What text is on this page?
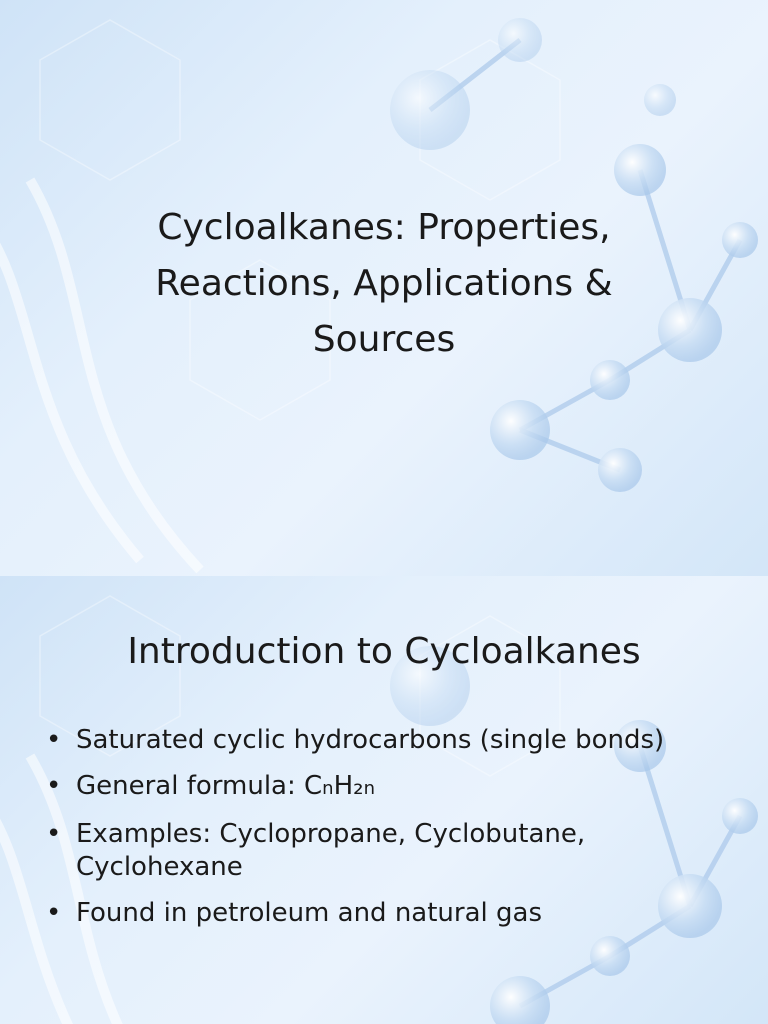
Cycloalkanes: Properties, Reactions, Applications & Sources
Introduction to Cycloalkanes
• Saturated cyclic hydrocarbons (single bonds)
• General formula: CnH₂n
• Examples: Cyclopropane, Cyclobutane, Cyclohexane
• Found in petroleum and natural gas
